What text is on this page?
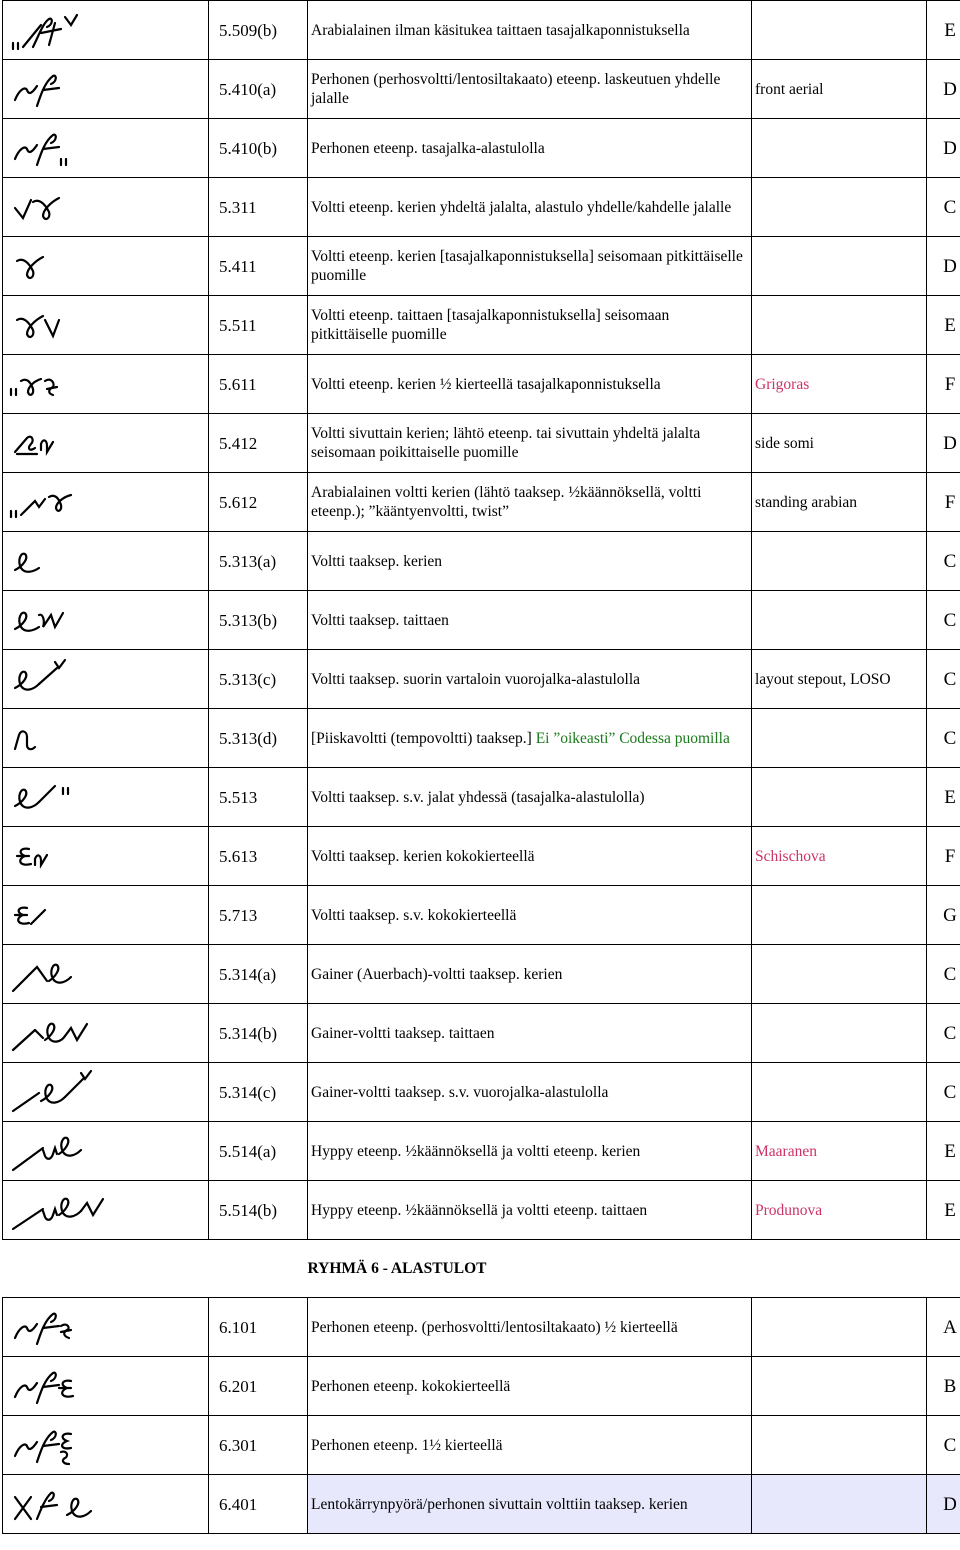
	5.509(b)	Arabialainen ilman käsitukea taittaen tasajalkaponnistuksella		E

	5.410(a)	Perhonen (perhosvoltti/lentosiltakaato) eteenp. laskeutuen yhdelle jalalle	front aerial	D

	5.410(b)	Perhonen eteenp. tasajalka-alastulolla		D

	5.311	Voltti eteenp. kerien yhdeltä jalalta, alastulo yhdelle/kahdelle jalalle		C

	5.411	Voltti eteenp. kerien [tasajalkaponnistuksella] seisomaan pitkittäiselle puomille		D

	5.511	Voltti eteenp. taittaen [tasajalkaponnistuksella] seisomaan pitkittäiselle puomille		E

	5.611	Voltti eteenp. kerien ½ kierteellä tasajalkaponnistuksella	Grigoras	F

	5.412	Voltti sivuttain kerien; lähtö eteenp. tai sivuttain yhdeltä jalalta seisomaan poikittaiselle puomille	side somi	D

	5.612	Arabialainen voltti kerien (lähtö taaksep. ½käännöksellä, voltti eteenp.); ”kääntyenvoltti, twist”	standing arabian	F

	5.313(a)	Voltti taaksep. kerien		C

	5.313(b)	Voltti taaksep. taittaen		C

	5.313(c)	Voltti taaksep. suorin vartaloin vuorojalka-alastulolla	layout stepout, LOSO	C

	5.313(d)	[Piiskavoltti (tempovoltti) taaksep.] Ei ”oikeasti” Codessa puomilla		C

	5.513	Voltti taaksep. s.v. jalat yhdessä (tasajalka-alastulolla)		E

	5.613	Voltti taaksep. kerien kokokierteellä	Schischova	F

	5.713	Voltti taaksep. s.v. kokokierteellä		G

	5.314(a)	Gainer (Auerbach)-voltti taaksep. kerien		C

	5.314(b)	Gainer-voltti taaksep. taittaen		C

	5.314(c)	Gainer-voltti taaksep. s.v. vuorojalka-alastulolla		C

	5.514(a)	Hyppy eteenp. ½käännöksellä ja voltti eteenp. kerien	Maaranen	E

	5.514(b)	Hyppy eteenp. ½käännöksellä ja voltti eteenp. taittaen	Produnova	E
		RYHMÄ 6 - ALASTULOT		

	6.101	Perhonen eteenp. (perhosvoltti/lentosiltakaato) ½ kierteellä		A

	6.201	Perhonen eteenp. kokokierteellä		B

	6.301	Perhonen eteenp. 1½ kierteellä		C

	6.401	Lentokärrynpyörä/perhonen sivuttain volttiin taaksep. kerien		D
